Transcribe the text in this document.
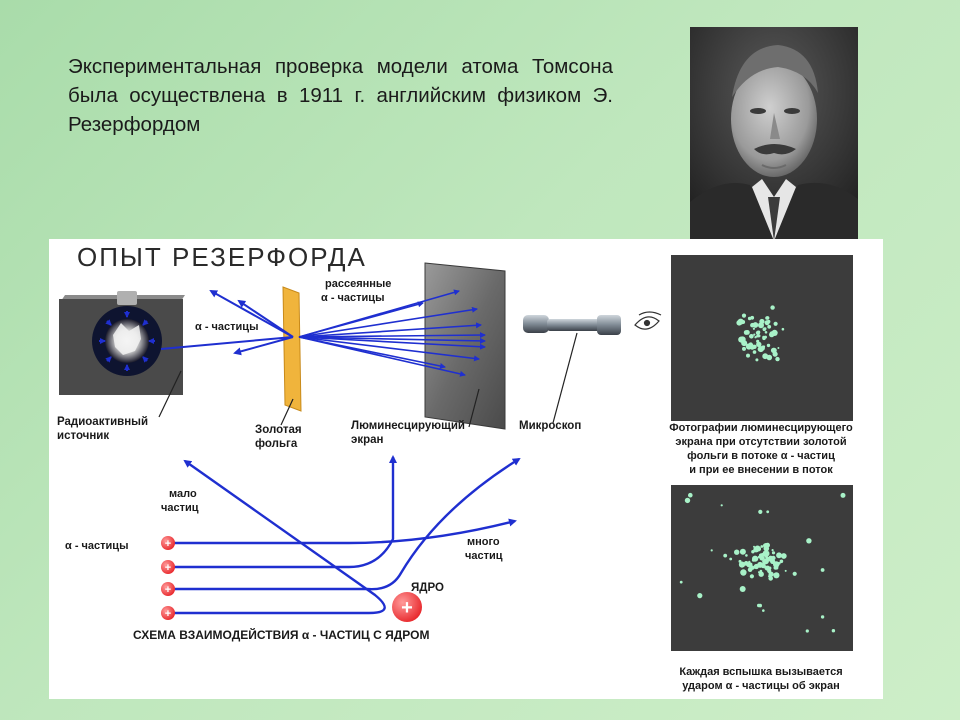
Экспериментальная проверка модели атома Томсона была осуществлена в 1911 г. английским физиком Э. Резерфордом
ОПЫТ РЕЗЕРФОРДА
α - частицы
рассеянные
α - частицы
Радиоактивный
источник	Золотая
фольга
Люминесцирующий
экран
Микроскоп	Фотографии люминесцирующего
экрана при отсутствии золотой
фольги в потоке α - частиц
и при ее внесении в поток
Каждая вспышка вызывается
ударом α - частицы об экран
+
+
+
+	+
мало
частиц
много
частиц
α - частицы
ЯДРО
СХЕМА ВЗАИМОДЕЙСТВИЯ α - ЧАСТИЦ С ЯДРОМ
